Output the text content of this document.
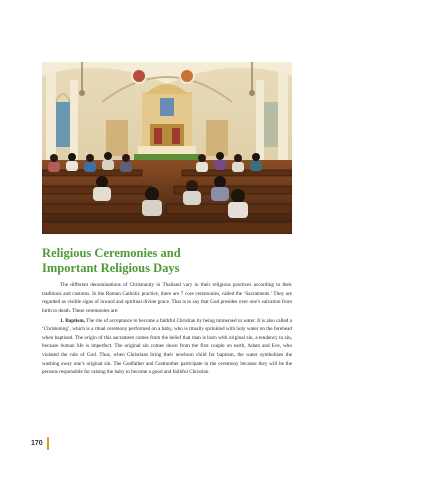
Religious Ceremonies and
Important Religious Days

The different denominations of Christianity in Thailand vary in their religious practices according to their traditions and customs. In the Roman Catholic practice, there are 7 core ceremonies, called the ‘Sacraments.’ They are regarded as visible signs of inward and spiritual divine grace. That is to say that God presides over one’s salvation from birth to death. These ceremonies are:

1. Baptism, The rite of acceptance to become a faithful Christian by being immersed in water. It is also called a ‘Christening’, which is a ritual ceremony performed on a baby, who is ritually sprinkled with holy water on the forehead when baptized. The origin of this sacrament comes from the belief that man is born with original sin, a tendency to sin, because human life is imperfect. The original sin comes down from the first couple on earth, Adam and Eve, who violated the rule of God. Thus, when Christians bring their newborn child for baptism, the water symbolizes the washing away one’s original sin. The Godfather and Godmother participate in the ceremony because they will be the persons responsible for raising the baby to become a good and faithful Christian.

170
